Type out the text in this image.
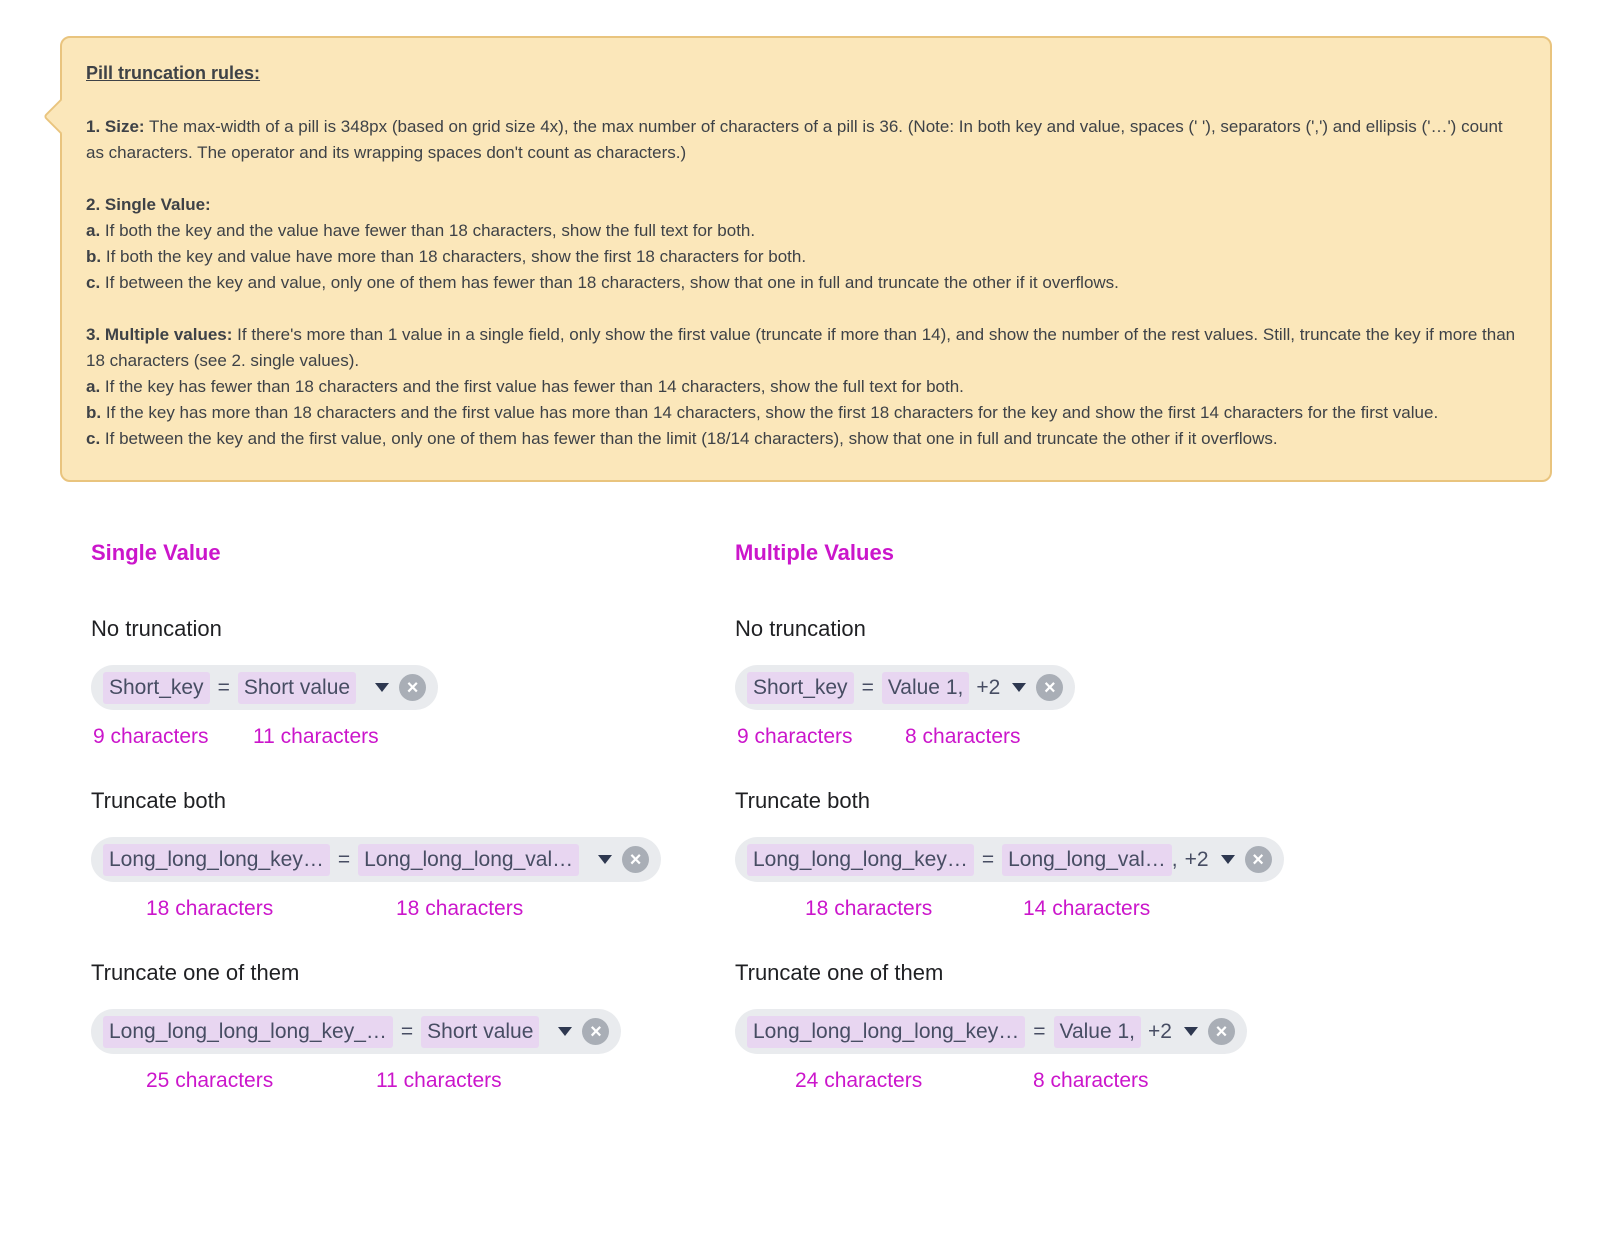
Pill truncation rules:

1. Size: The max-width of a pill is 348px (based on grid size 4x), the max number of characters of a pill is 36. (Note: In both key and value, spaces (' '), separators (',') and ellipsis ('…') count as characters. The operator and its wrapping spaces don't count as characters.)

2. Single Value:
a. If both the key and the value have fewer than 18 characters, show the full text for both.
b. If both the key and value have more than 18 characters, show the first 18 characters for both.
c. If between the key and value, only one of them has fewer than 18 characters, show that one in full and truncate the other if it overflows.

3. Multiple values: If there's more than 1 value in a single field, only show the first value (truncate if more than 14), and show the number of the rest values. Still, truncate the key if more than 18 characters (see 2. single values).
a. If the key has fewer than 18 characters and the first value has fewer than 14 characters, show the full text for both.
b. If the key has more than 18 characters and the first value has more than 14 characters, show the first 18 characters for the key and show the first 14 characters for the first value.
c. If between the key and the first value, only one of them has fewer than the limit (18/14 characters), show that one in full and truncate the other if it overflows.

Single Value
No truncation
Short_key = Short value	×
9 characters 11 characters
Truncate both
Long_long_long_key… = Long_long_long_val…	×
18 characters	18 characters
Truncate one of them
Long_long_long_long_key_… = Short value	×
25 characters	11 characters
Multiple Values
No truncation
Short_key = Value 1, +2	×
9 characters 8 characters
Truncate both
Long_long_long_key… = Long_long_val… , +2	×
18 characters	14 characters
Truncate one of them
Long_long_long_long_key… = Value 1, +2	×
24 characters	8 characters
